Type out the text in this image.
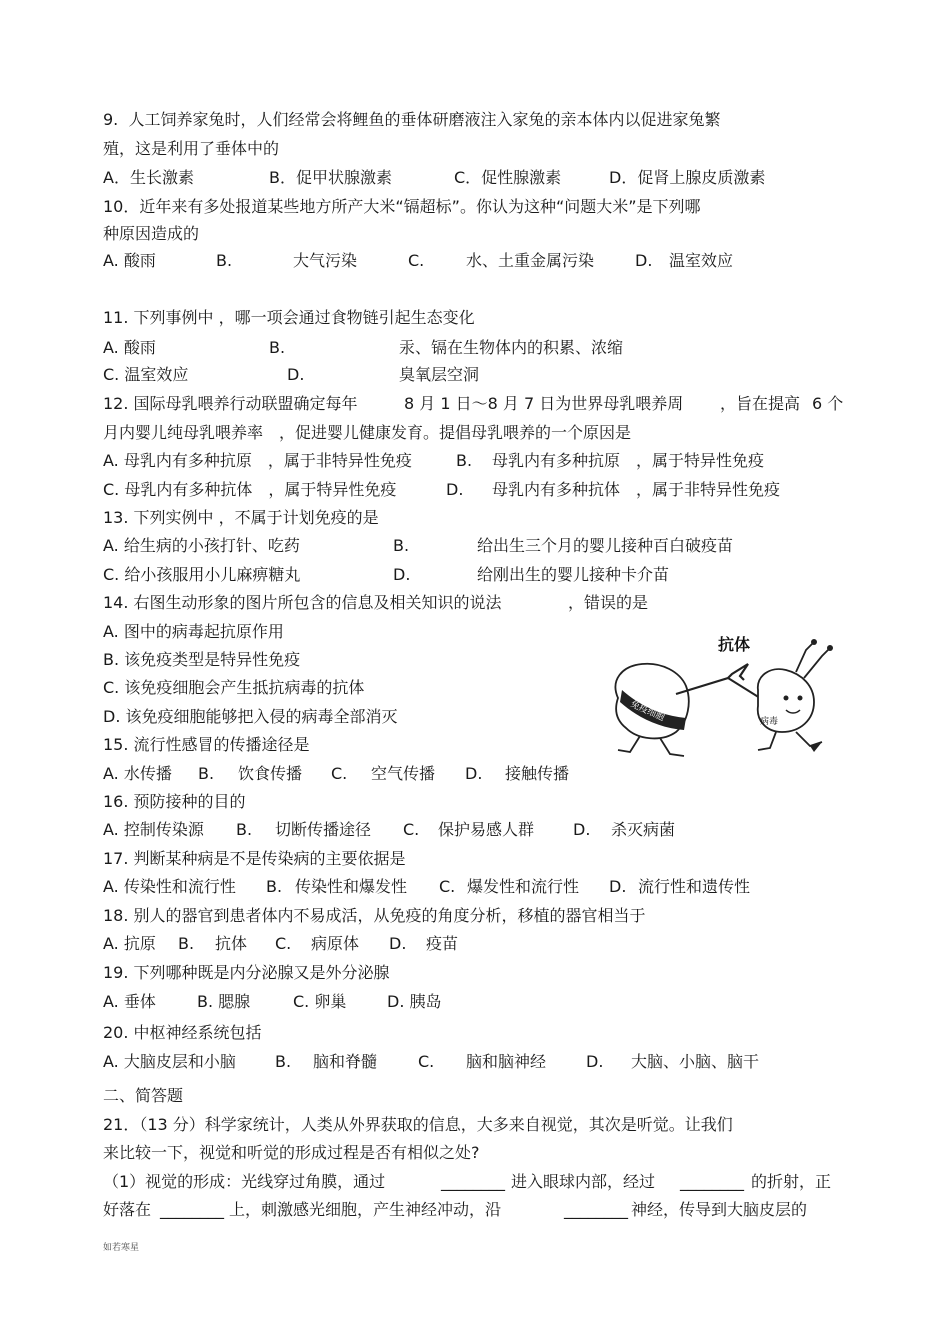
9.  人工饲养家兔时，人们经常会将鲤鱼的垂体研磨液注入家兔的亲本体内以促进家兔繁
殖，这是利用了垂体中的

A．生长激素

	B．促甲状腺激素

	C．促性腺激素

	D．促肾上腺皮质激素

10．近年来有多处报道某些地方所产大米“镉超标”。你认为这种“问题大米”是下列哪
种原因造成的

A. 酸雨

	B.

	大气污染

	C.

	水、土重金属污染

	D.

温室效应

11. 下列事例中 ，哪一项会通过食物链引起生态变化

A. 酸雨

	B.

	汞、镉在生物体内的积累、浓缩

C. 温室效应

	D.

	臭氧层空洞

12. 国际母乳喂养行动联盟确定每年

	8 月 1 日～8 月 7 日为世界母乳喂养周

，旨在提高

6 个

月内婴儿纯母乳喂养率　，促进婴儿健康发育。提倡母乳喂养的一个原因是

A. 母乳内有多种抗原　，属于非特异性免疫

	B.

母乳内有多种抗原　，属于特异性免疫

C. 母乳内有多种抗体　，属于特异性免疫

	D.

母乳内有多种抗体　，属于非特异性免疫

13. 下列实例中 ，不属于计划免疫的是

A. 给生病的小孩打针、吃药

	B.

	给出生三个月的婴儿接种百白破疫苗

C. 给小孩服用小儿麻痹糖丸

	D.

	给刚出生的婴儿接种卡介苗

14. 右图生动形象的图片所包含的信息及相关知识的说法

	，错误的是

A. 图中的病毒起抗原作用
B. 该免疫类型是特异性免疫
C. 该免疫细胞会产生抵抗病毒的抗体
D. 该免疫细胞能够把入侵的病毒全部消灭	免疫细胞
抗体
病毒
15. 流行性感冒的传播途径是

A. 水传播

B.

饮食传播

C.

空气传播

D.

接触传播

16. 预防接种的目的

A. 控制传染源

B.

切断传播途径

C.

保护易感人群

D.

杀灭病菌

17. 判断某种病是不是传染病的主要依据是

A. 传染性和流行性

B.

传染性和爆发性

C.

爆发性和流行性

D.

流行性和遗传性

18. 别人的器官到患者体内不易成活，从免疫的角度分析，移植的器官相当于

A. 抗原

B.

抗体

C.

病原体

D.

疫苗

19. 下列哪种既是内分泌腺又是外分泌腺

A. 垂体

	B. 腮腺

	C. 卵巢

	D. 胰岛

20. 中枢神经系统包括

A. 大脑皮层和小脑

B.

脑和脊髓

	C.

脑和脑神经

D.

大脑、小脑、脑干

二、简答题
21．（13 分）科学家统计，人类从外界获取的信息，大多来自视觉，其次是听觉。让我们
来比较一下，视觉和听觉的形成过程是否有相似之处?

（1）视觉的形成：光线穿过角膜，通过

	________

进入眼球内部，经过

________

的折射，正

好落在

________

上，刺激感光细胞，产生神经冲动，沿

	________

神经，传导到大脑皮层的

如若寒星
